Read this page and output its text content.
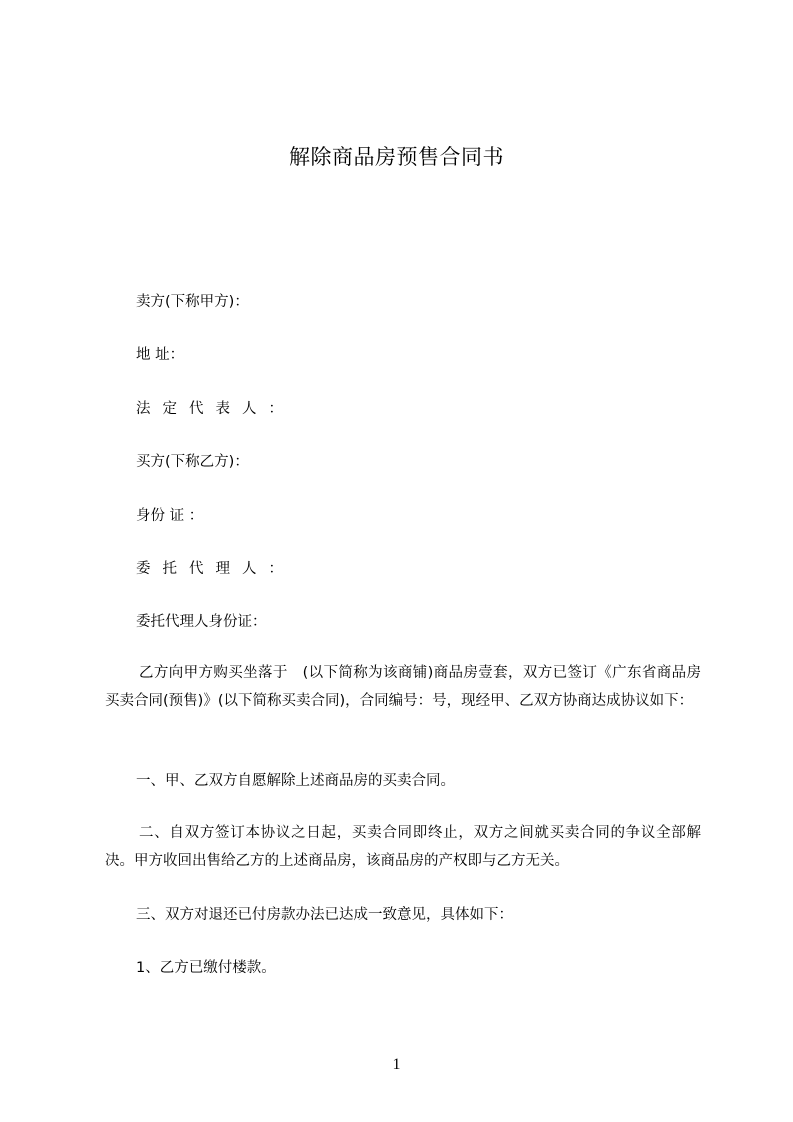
解除商品房预售合同书
卖方(下称甲方)：
地 址：
法定代表人：
买方(下称乙方)：
身份 证 ：
委托代理人：
委托代理人身份证：
乙方向甲方购买坐落于　(以下简称为该商铺)商品房壹套，双方已签订《广东省商品房买卖合同(预售)》(以下简称买卖合同)，合同编号：号，现经甲、乙双方协商达成协议如下：
一、甲、乙双方自愿解除上述商品房的买卖合同。
二、自双方签订本协议之日起，买卖合同即终止，双方之间就买卖合同的争议全部解决。甲方收回出售给乙方的上述商品房，该商品房的产权即与乙方无关。
三、双方对退还已付房款办法已达成一致意见，具体如下：
1、乙方已缴付楼款。
1
